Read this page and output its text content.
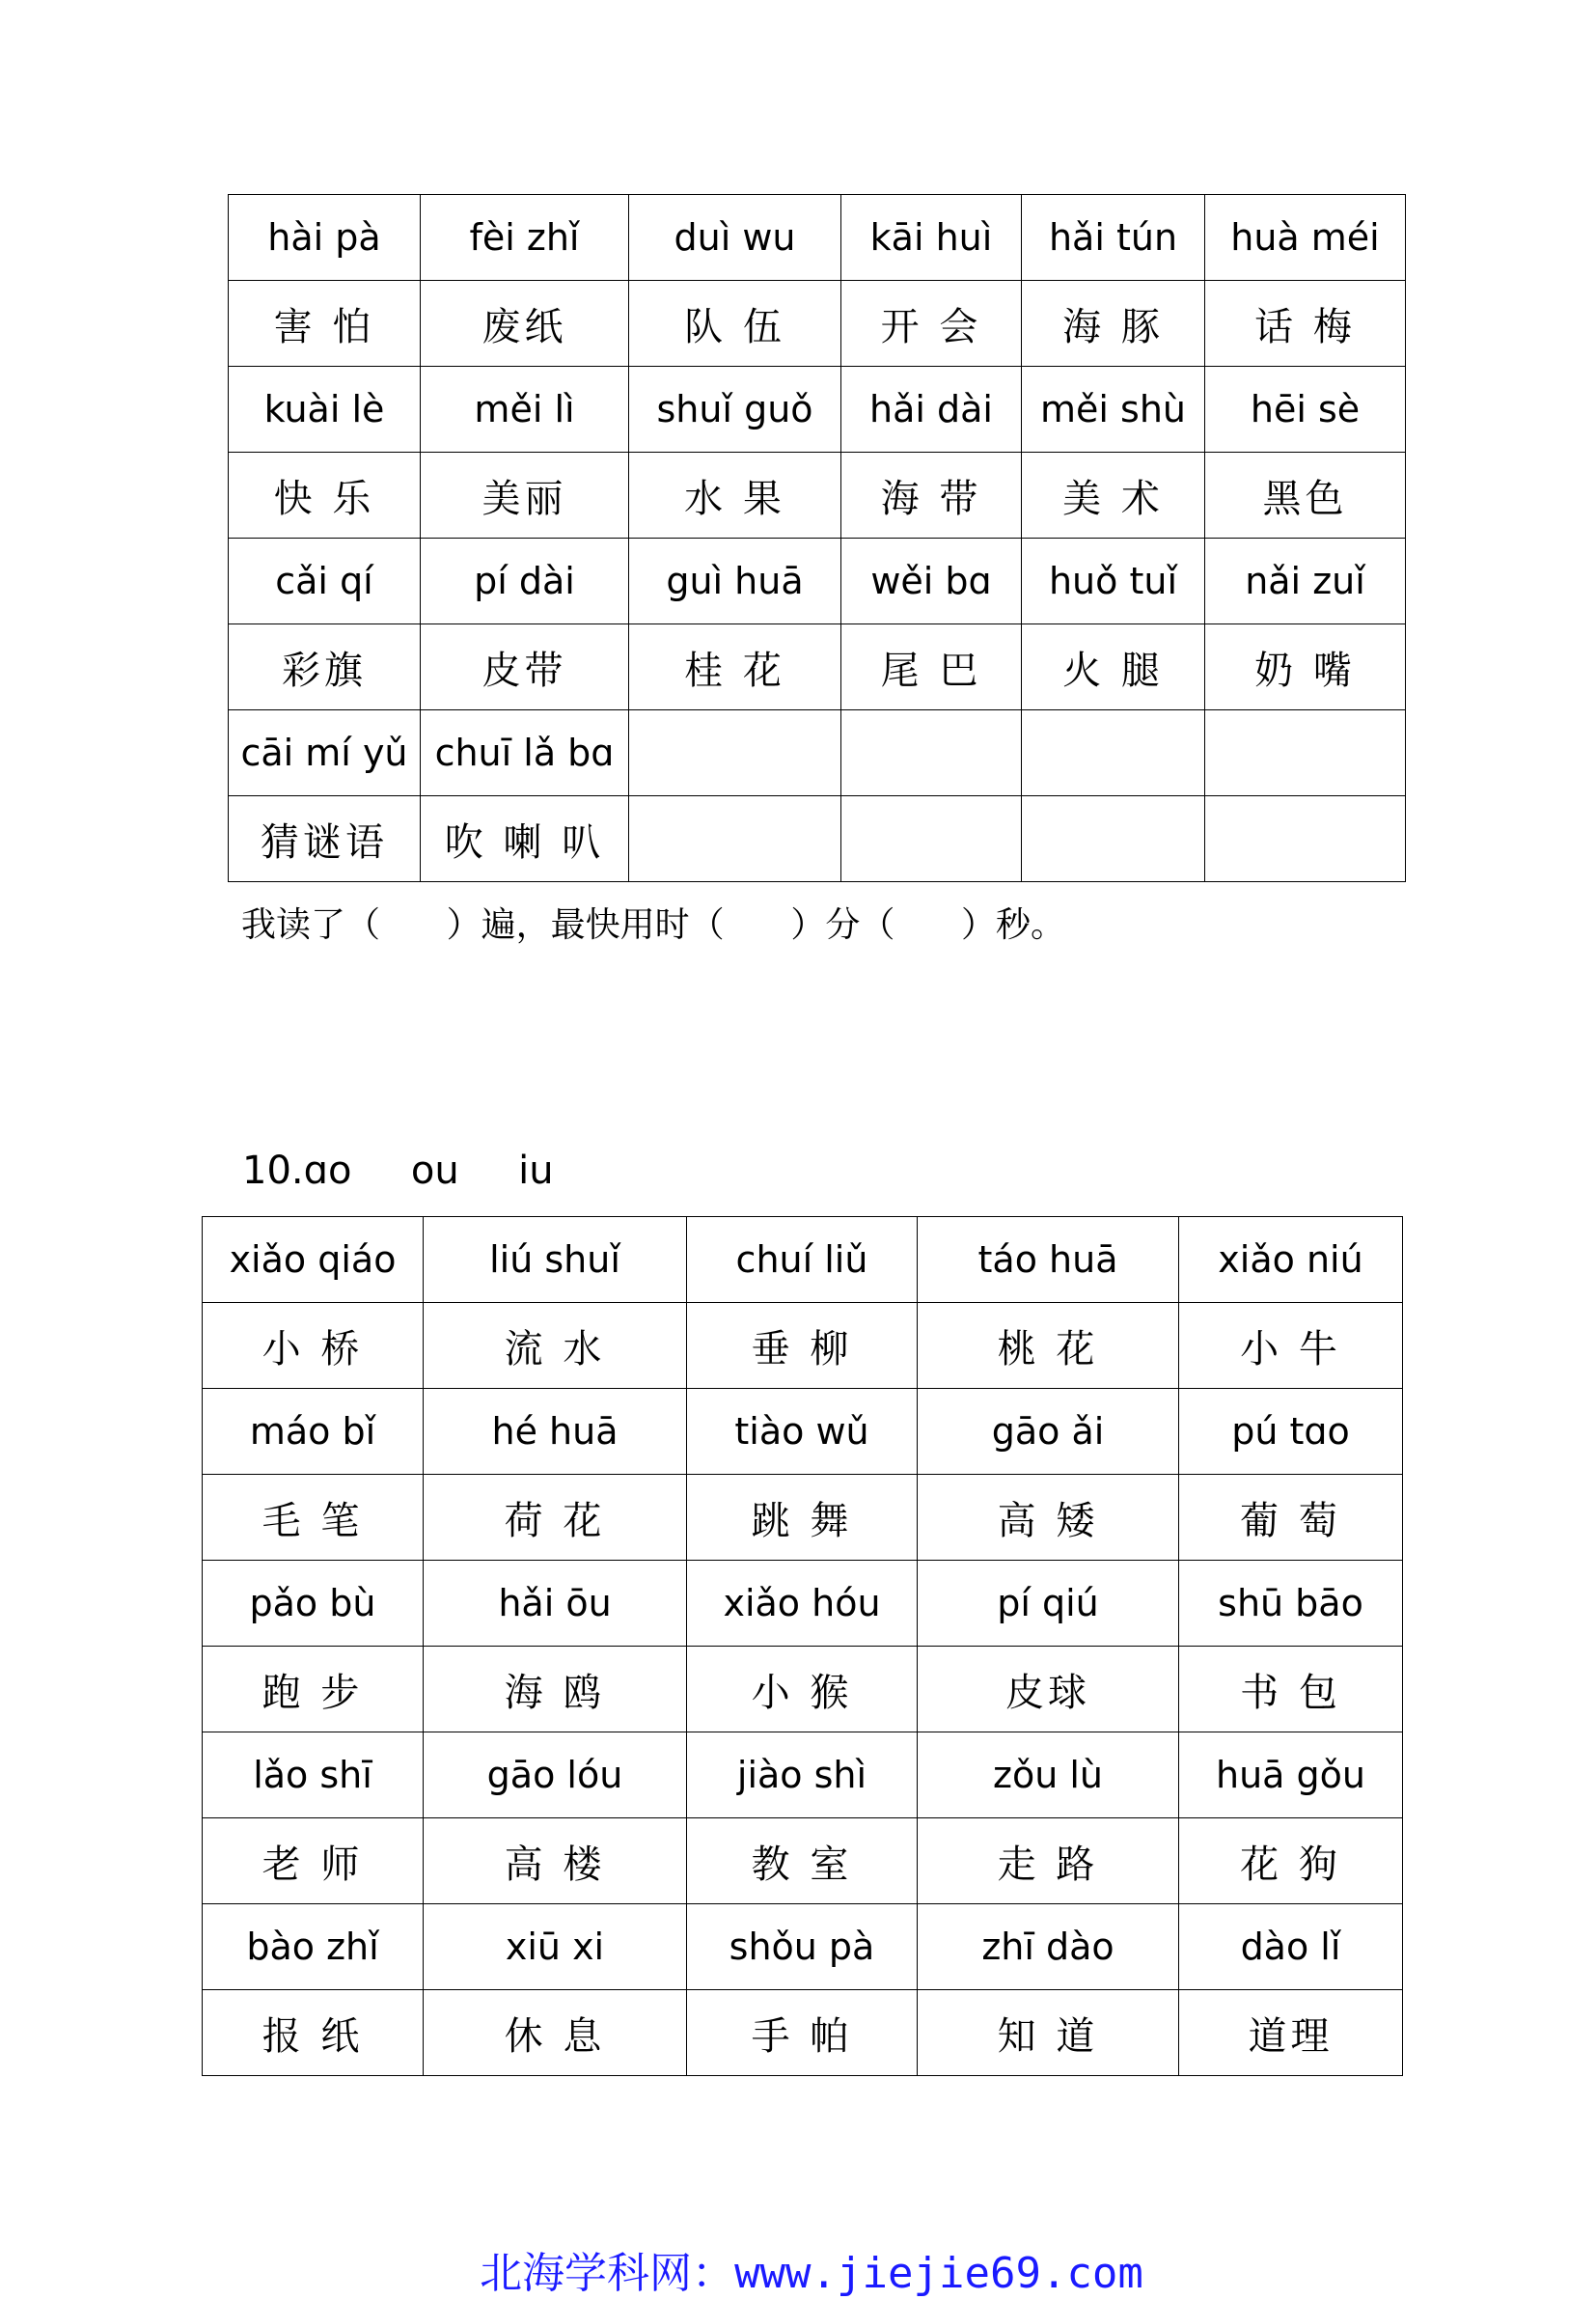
hài pà	fèi zhǐ	duì wu	kāi huì	hǎi tún	huà méi
害 怕	废纸	队 伍	开 会	海 豚	话 梅
kuài lè	měi lì	shuǐ guǒ	hǎi dài	měi shù	hēi sè
快 乐	美丽	水 果	海 带	美 术	黑色
cǎi qí	pí dài	guì huā	wěi bɑ	huǒ tuǐ	nǎi zuǐ
彩旗	皮带	桂 花	尾 巴	火 腿	奶 嘴
cāi mí yǔ	chuī lǎ bɑ				
猜谜语	吹 喇 叭				
我读了（      ）遍，最快用时（      ）分（      ）秒。
10.ɑo  ou  iu
xiǎo qiáo	liú shuǐ	chuí liǔ	táo huā	xiǎo niú
小 桥	流 水	垂 柳	桃 花	小 牛
máo bǐ	hé huā	tiào wǔ	gāo ǎi	pú tɑo
毛 笔	荷 花	跳 舞	高 矮	葡 萄
pǎo bù	hǎi ōu	xiǎo hóu	pí qiú	shū bāo
跑 步	海 鸥	小 猴	皮球	书 包
lǎo shī	gāo lóu	jiào shì	zǒu lù	huā gǒu
老 师	高 楼	教 室	走 路	花 狗
bào zhǐ	xiū xi	shǒu pà	zhī dào	dào lǐ
报 纸	休 息	手 帕	知 道	道理

北海学科网：www.jiejie69.com
